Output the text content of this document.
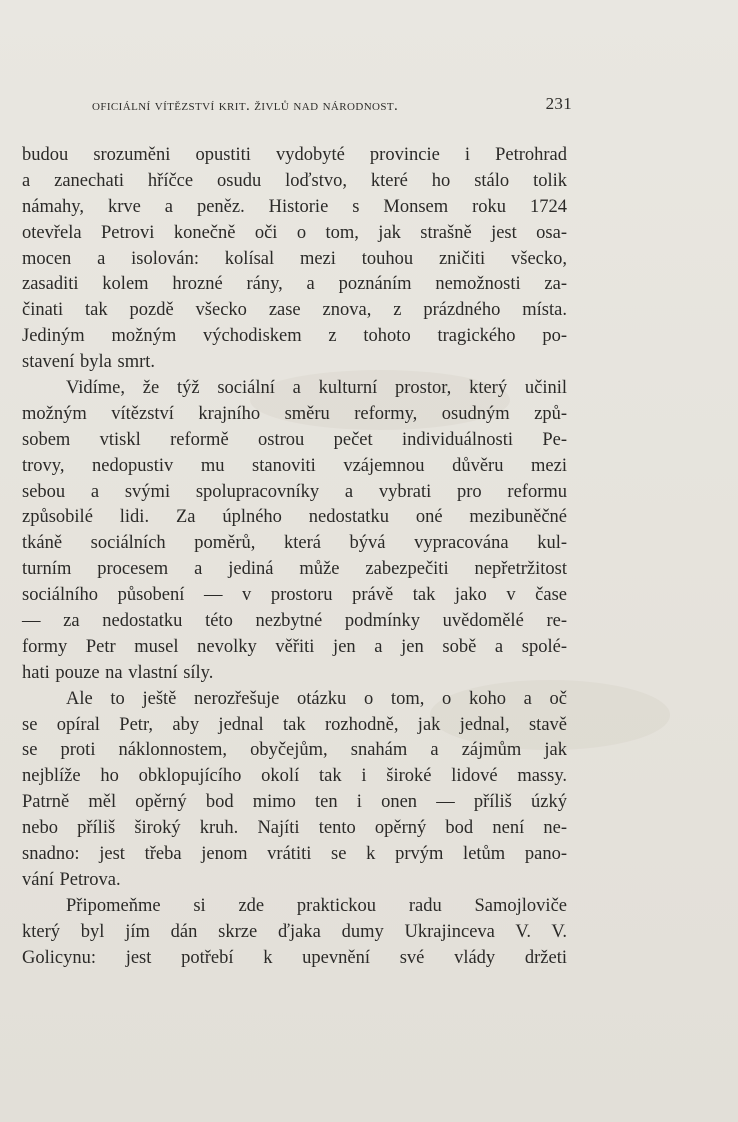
oficiální vítězství krit. živlů nad národnost.	231
budou srozuměni opustiti vydobyté provincie i Petrohrad
a zanechati hříčce osudu loďstvo, které ho stálo tolik
námahy, krve a peněz. Historie s Monsem roku 1724
otevřela Petrovi konečně oči o tom, jak strašně jest osa-
mocen a isolován: kolísal mezi touhou zničiti všecko,
zasaditi kolem hrozné rány, a poznáním nemožnosti za-
činati tak pozdě všecko zase znova, z prázdného místa.
Jediným možným východiskem z tohoto tragického po-
stavení byla smrt.
Vidíme, že týž sociální a kulturní prostor, který učinil
možným vítězství krajního směru reformy, osudným způ-
sobem vtiskl reformě ostrou pečet individuálnosti Pe-
trovy, nedopustiv mu stanoviti vzájemnou důvěru mezi
sebou a svými spolupracovníky a vybrati pro reformu
způsobilé lidi. Za úplného nedostatku oné mezibuněčné
tkáně sociálních poměrů, která bývá vypracována kul-
turním procesem a jediná může zabezpečiti nepřetržitost
sociálního působení — v prostoru právě tak jako v čase
— za nedostatku této nezbytné podmínky uvědomělé re-
formy Petr musel nevolky věřiti jen a jen sobě a spolé-
hati pouze na vlastní síly.
Ale to ještě nerozřešuje otázku o tom, o koho a oč
se opíral Petr, aby jednal tak rozhodně, jak jednal, stavě
se proti náklonnostem, obyčejům, snahám a zájmům jak
nejblíže ho obklopujícího okolí tak i široké lidové massy.
Patrně měl opěrný bod mimo ten i onen — příliš úzký
nebo příliš široký kruh. Najíti tento opěrný bod není ne-
snadno: jest třeba jenom vrátiti se k prvým letům pano-
vání Petrova.
Připomeňme si zde praktickou radu Samojloviče
který byl jím dán skrze ďjaka dumy Ukrajinceva V. V.
Golicynu: jest potřebí k upevnění své vlády držeti
